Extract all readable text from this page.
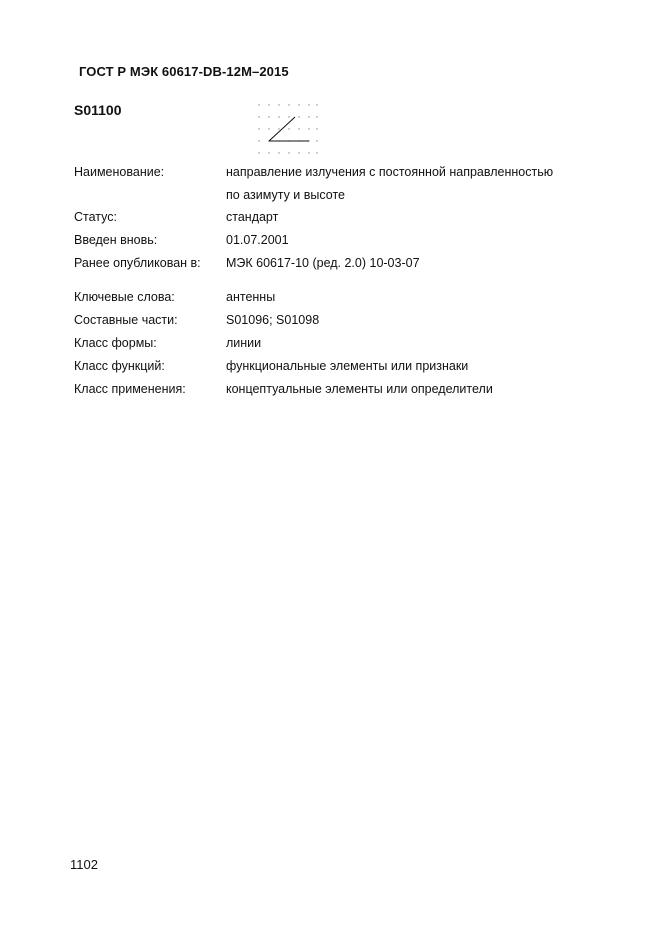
ГОСТ Р МЭК 60617-DB-12M–2015
S01100
Наименование:	направление излучения с постоянной направленностью
по азимуту и высоте
Статус:	стандарт
Введен вновь:	01.07.2001
Ранее опубликован в: МЭК 60617-10 (ред. 2.0) 10-03-07
Ключевые слова:	антенны
Составные части:	S01096; S01098
Класс формы:	линии
Класс функций:	функциональные элементы или признаки
Класс применения:	концептуальные элементы или определители
1102
